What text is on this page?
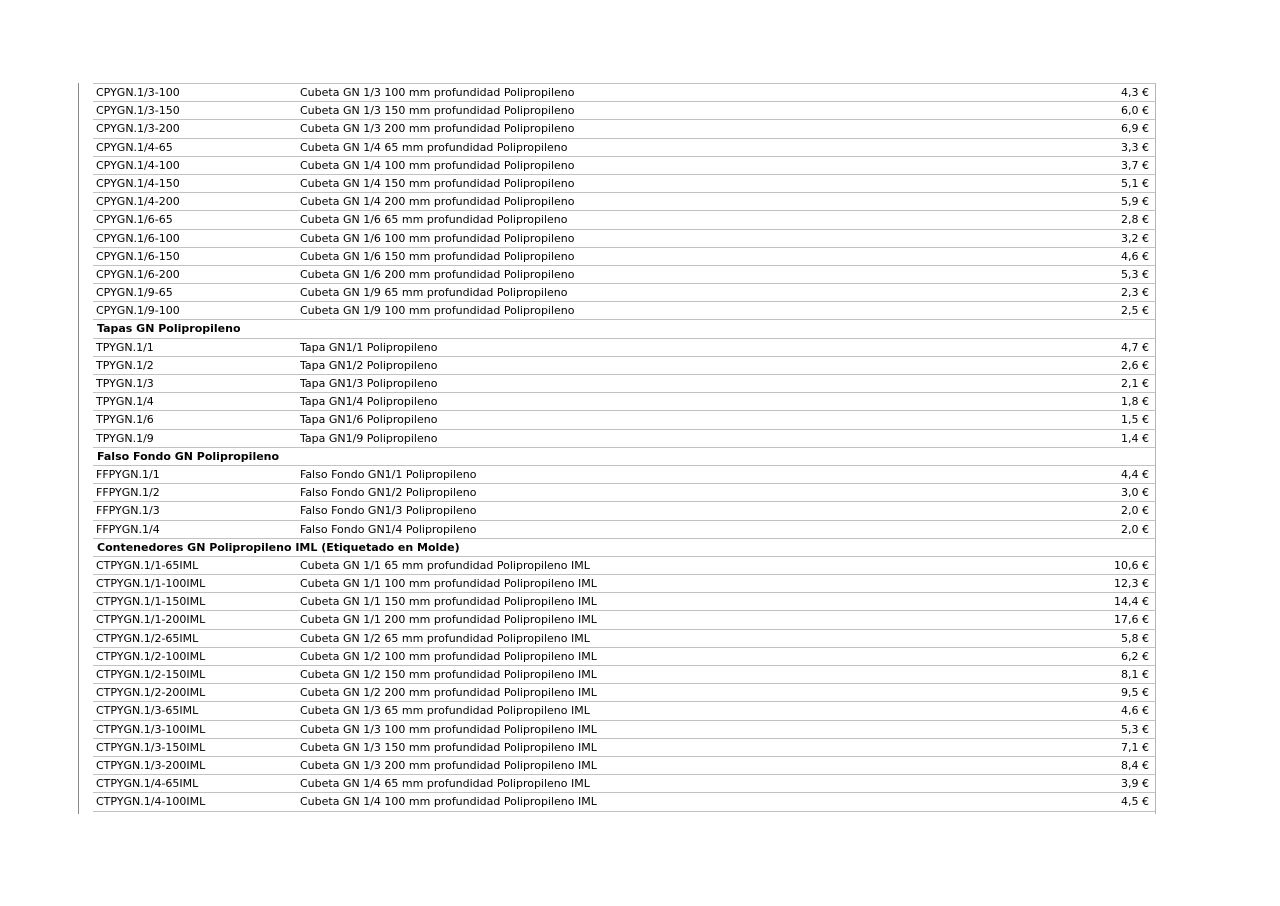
CPYGN.1/3-100	Cubeta GN 1/3 100 mm profundidad Polipropileno	4,3 €
CPYGN.1/3-150	Cubeta GN 1/3 150 mm profundidad Polipropileno	6,0 €
CPYGN.1/3-200	Cubeta GN 1/3 200 mm profundidad Polipropileno	6,9 €
CPYGN.1/4-65	Cubeta GN 1/4 65 mm profundidad Polipropileno	3,3 €
CPYGN.1/4-100	Cubeta GN 1/4 100 mm profundidad Polipropileno	3,7 €
CPYGN.1/4-150	Cubeta GN 1/4 150 mm profundidad Polipropileno	5,1 €
CPYGN.1/4-200	Cubeta GN 1/4 200 mm profundidad Polipropileno	5,9 €
CPYGN.1/6-65	Cubeta GN 1/6 65 mm profundidad Polipropileno	2,8 €
CPYGN.1/6-100	Cubeta GN 1/6 100 mm profundidad Polipropileno	3,2 €
CPYGN.1/6-150	Cubeta GN 1/6 150 mm profundidad Polipropileno	4,6 €
CPYGN.1/6-200	Cubeta GN 1/6 200 mm profundidad Polipropileno	5,3 €
CPYGN.1/9-65	Cubeta GN 1/9 65 mm profundidad Polipropileno	2,3 €
CPYGN.1/9-100	Cubeta GN 1/9 100 mm profundidad Polipropileno	2,5 €
Tapas GN Polipropileno
TPYGN.1/1	Tapa GN1/1 Polipropileno	4,7 €
TPYGN.1/2	Tapa GN1/2 Polipropileno	2,6 €
TPYGN.1/3	Tapa GN1/3 Polipropileno	2,1 €
TPYGN.1/4	Tapa GN1/4 Polipropileno	1,8 €
TPYGN.1/6	Tapa GN1/6 Polipropileno	1,5 €
TPYGN.1/9	Tapa GN1/9 Polipropileno	1,4 €
Falso Fondo GN Polipropileno
FFPYGN.1/1	Falso Fondo GN1/1 Polipropileno	4,4 €
FFPYGN.1/2	Falso Fondo GN1/2 Polipropileno	3,0 €
FFPYGN.1/3	Falso Fondo GN1/3 Polipropileno	2,0 €
FFPYGN.1/4	Falso Fondo GN1/4 Polipropileno	2,0 €
Contenedores GN Polipropileno IML (Etiquetado en Molde)
CTPYGN.1/1-65IML	Cubeta GN 1/1 65 mm profundidad Polipropileno IML	10,6 €
CTPYGN.1/1-100IML	Cubeta GN 1/1 100 mm profundidad Polipropileno IML	12,3 €
CTPYGN.1/1-150IML	Cubeta GN 1/1 150 mm profundidad Polipropileno IML	14,4 €
CTPYGN.1/1-200IML	Cubeta GN 1/1 200 mm profundidad Polipropileno IML	17,6 €
CTPYGN.1/2-65IML	Cubeta GN 1/2 65 mm profundidad Polipropileno IML	5,8 €
CTPYGN.1/2-100IML	Cubeta GN 1/2 100 mm profundidad Polipropileno IML	6,2 €
CTPYGN.1/2-150IML	Cubeta GN 1/2 150 mm profundidad Polipropileno IML	8,1 €
CTPYGN.1/2-200IML	Cubeta GN 1/2 200 mm profundidad Polipropileno IML	9,5 €
CTPYGN.1/3-65IML	Cubeta GN 1/3 65 mm profundidad Polipropileno IML	4,6 €
CTPYGN.1/3-100IML	Cubeta GN 1/3 100 mm profundidad Polipropileno IML	5,3 €
CTPYGN.1/3-150IML	Cubeta GN 1/3 150 mm profundidad Polipropileno IML	7,1 €
CTPYGN.1/3-200IML	Cubeta GN 1/3 200 mm profundidad Polipropileno IML	8,4 €
CTPYGN.1/4-65IML	Cubeta GN 1/4 65 mm profundidad Polipropileno IML	3,9 €
CTPYGN.1/4-100IML	Cubeta GN 1/4 100 mm profundidad Polipropileno IML	4,5 €
